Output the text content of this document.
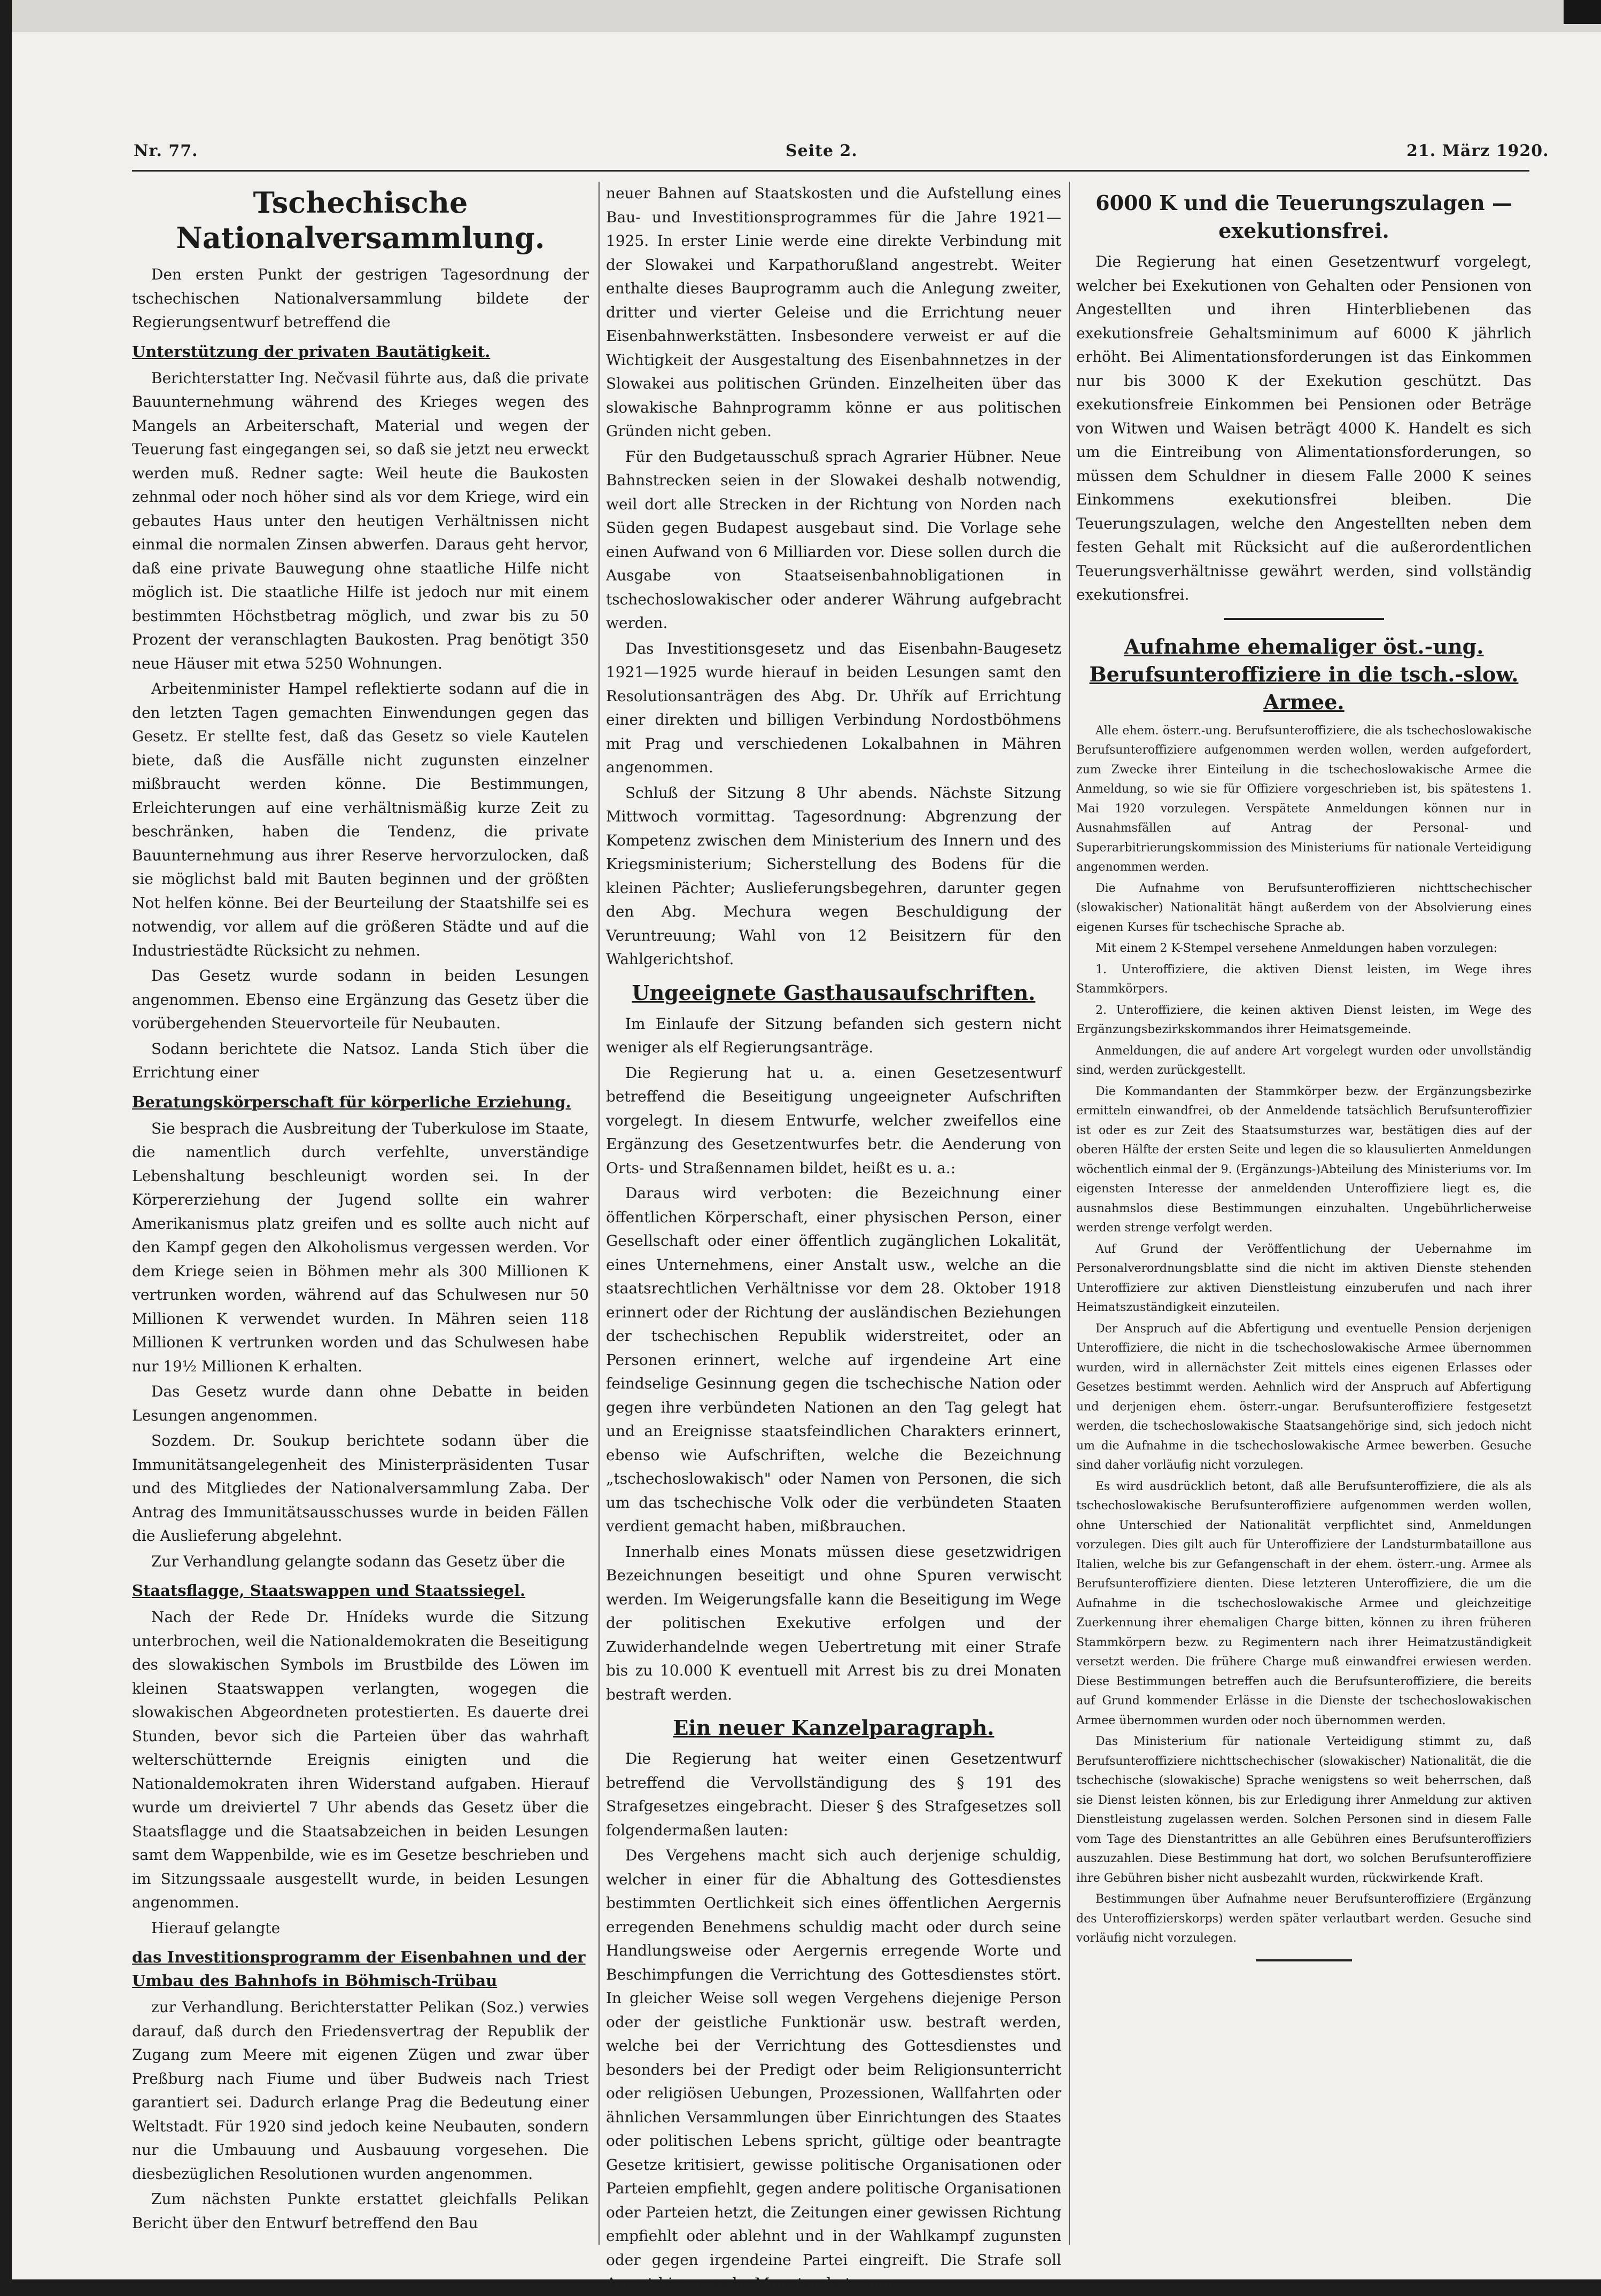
Nr. 77.	Seite 2.	21. März 1920.
Tschechische Nationalversammlung.

Den ersten Punkt der gestrigen Tagesordnung der tschechischen Nationalversammlung bildete der Regierungsentwurf betreffend die

Unterstützung der privaten Bautätigkeit.

Berichterstatter Ing. Nečvasil führte aus, daß die private Bauunternehmung während des Krieges wegen des Mangels an Arbeiterschaft, Material und wegen der Teuerung fast eingegangen sei, so daß sie jetzt neu erweckt werden muß. Redner sagte: Weil heute die Baukosten zehnmal oder noch höher sind als vor dem Kriege, wird ein gebautes Haus unter den heutigen Verhältnissen nicht einmal die normalen Zinsen abwerfen. Daraus geht hervor, daß eine private Bauwegung ohne staatliche Hilfe nicht möglich ist. Die staatliche Hilfe ist jedoch nur mit einem bestimmten Höchstbetrag möglich, und zwar bis zu 50 Prozent der veranschlagten Baukosten. Prag benötigt 350 neue Häuser mit etwa 5250 Wohnungen.

Arbeitenminister Hampel reflektierte sodann auf die in den letzten Tagen gemachten Einwendungen gegen das Gesetz. Er stellte fest, daß das Gesetz so viele Kautelen biete, daß die Ausfälle nicht zugunsten einzelner mißbraucht werden könne. Die Bestimmungen, Erleichterungen auf eine verhältnismäßig kurze Zeit zu beschränken, haben die Tendenz, die private Bauunternehmung aus ihrer Reserve hervorzulocken, daß sie möglichst bald mit Bauten beginnen und der größten Not helfen könne. Bei der Beurteilung der Staatshilfe sei es notwendig, vor allem auf die größeren Städte und auf die Industriestädte Rücksicht zu nehmen.

Das Gesetz wurde sodann in beiden Lesungen angenommen. Ebenso eine Ergänzung das Gesetz über die vorübergehenden Steuervorteile für Neubauten.

Sodann berichtete die Natsoz. Landa Stich über die Errichtung einer

Beratungskörperschaft für körperliche Erziehung.

Sie besprach die Ausbreitung der Tuberkulose im Staate, die namentlich durch verfehlte, unverständige Lebenshaltung beschleunigt worden sei. In der Körpererziehung der Jugend sollte ein wahrer Amerikanismus platz greifen und es sollte auch nicht auf den Kampf gegen den Alkoholismus vergessen werden. Vor dem Kriege seien in Böhmen mehr als 300 Millionen K vertrunken worden, während auf das Schulwesen nur 50 Millionen K verwendet wurden. In Mähren seien 118 Millionen K vertrunken worden und das Schulwesen habe nur 19½ Millionen K erhalten.

Das Gesetz wurde dann ohne Debatte in beiden Lesungen angenommen.

Sozdem. Dr. Soukup berichtete sodann über die Immunitätsangelegenheit des Ministerpräsidenten Tusar und des Mitgliedes der Nationalversammlung Zaba. Der Antrag des Immunitätsausschusses wurde in beiden Fällen die Auslieferung abgelehnt.

Zur Verhandlung gelangte sodann das Gesetz über die

Staatsflagge, Staatswappen und Staatssiegel.

Nach der Rede Dr. Hnídeks wurde die Sitzung unterbrochen, weil die Nationaldemokraten die Beseitigung des slowakischen Symbols im Brustbilde des Löwen im kleinen Staatswappen verlangten, wogegen die slowakischen Abgeordneten protestierten. Es dauerte drei Stunden, bevor sich die Parteien über das wahrhaft welterschütternde Ereignis einigten und die Nationaldemokraten ihren Widerstand aufgaben. Hierauf wurde um dreiviertel 7 Uhr abends das Gesetz über die Staatsflagge und die Staatsabzeichen in beiden Lesungen samt dem Wappenbilde, wie es im Gesetze beschrieben und im Sitzungssaale ausgestellt wurde, in beiden Lesungen angenommen.

Hierauf gelangte

das Investitionsprogramm der Eisenbahnen und der Umbau des Bahnhofs in Böhmisch-Trübau

zur Verhandlung. Berichterstatter Pelikan (Soz.) verwies darauf, daß durch den Friedensvertrag der Republik der Zugang zum Meere mit eigenen Zügen und zwar über Preßburg nach Fiume und über Budweis nach Triest garantiert sei. Dadurch erlange Prag die Bedeutung einer Weltstadt. Für 1920 sind jedoch keine Neubauten, sondern nur die Umbauung und Ausbauung vorgesehen. Die diesbezüglichen Resolutionen wurden angenommen.

Zum nächsten Punkte erstattet gleichfalls Pelikan Bericht über den Entwurf betreffend den Bau

neuer Bahnen auf Staatskosten und die Aufstellung eines Bau- und Investitionsprogrammes für die Jahre 1921—1925. In erster Linie werde eine direkte Verbindung mit der Slowakei und Karpathorußland angestrebt. Weiter enthalte dieses Bauprogramm auch die Anlegung zweiter, dritter und vierter Geleise und die Errichtung neuer Eisenbahnwerkstätten. Insbesondere verweist er auf die Wichtigkeit der Ausgestaltung des Eisenbahnnetzes in der Slowakei aus politischen Gründen. Einzelheiten über das slowakische Bahnprogramm könne er aus politischen Gründen nicht geben.

Für den Budgetausschuß sprach Agrarier Hübner. Neue Bahnstrecken seien in der Slowakei deshalb notwendig, weil dort alle Strecken in der Richtung von Norden nach Süden gegen Budapest ausgebaut sind. Die Vorlage sehe einen Aufwand von 6 Milliarden vor. Diese sollen durch die Ausgabe von Staatseisenbahnobligationen in tschechoslowakischer oder anderer Währung aufgebracht werden.

Das Investitionsgesetz und das Eisenbahn-Baugesetz 1921—1925 wurde hierauf in beiden Lesungen samt den Resolutionsanträgen des Abg. Dr. Uhřík auf Errichtung einer direkten und billigen Verbindung Nordostböhmens mit Prag und verschiedenen Lokalbahnen in Mähren angenommen.

Schluß der Sitzung 8 Uhr abends. Nächste Sitzung Mittwoch vormittag. Tagesordnung: Abgrenzung der Kompetenz zwischen dem Ministerium des Innern und des Kriegsministerium; Sicherstellung des Bodens für die kleinen Pächter; Auslieferungsbegehren, darunter gegen den Abg. Mechura wegen Beschuldigung der Veruntreuung; Wahl von 12 Beisitzern für den Wahlgerichtshof.

Ungeeignete Gasthausaufschriften.

Im Einlaufe der Sitzung befanden sich gestern nicht weniger als elf Regierungsanträge.

Die Regierung hat u. a. einen Gesetzesentwurf betreffend die Beseitigung ungeeigneter Aufschriften vorgelegt. In diesem Entwurfe, welcher zweifellos eine Ergänzung des Gesetzentwurfes betr. die Aenderung von Orts- und Straßennamen bildet, heißt es u. a.:

Daraus wird verboten: die Bezeichnung einer öffentlichen Körperschaft, einer physischen Person, einer Gesellschaft oder einer öffentlich zugänglichen Lokalität, eines Unternehmens, einer Anstalt usw., welche an die staatsrechtlichen Verhältnisse vor dem 28. Oktober 1918 erinnert oder der Richtung der ausländischen Beziehungen der tschechischen Republik widerstreitet, oder an Personen erinnert, welche auf irgendeine Art eine feindselige Gesinnung gegen die tschechische Nation oder gegen ihre verbündeten Nationen an den Tag gelegt hat und an Ereignisse staatsfeindlichen Charakters erinnert, ebenso wie Aufschriften, welche die Bezeichnung „tschechoslowakisch" oder Namen von Personen, die sich um das tschechische Volk oder die verbündeten Staaten verdient gemacht haben, mißbrauchen.

Innerhalb eines Monats müssen diese gesetzwidrigen Bezeichnungen beseitigt und ohne Spuren verwischt werden. Im Weigerungsfalle kann die Beseitigung im Wege der politischen Exekutive erfolgen und der Zuwiderhandelnde wegen Uebertretung mit einer Strafe bis zu 10.000 K eventuell mit Arrest bis zu drei Monaten bestraft werden.

Ein neuer Kanzelparagraph.

Die Regierung hat weiter einen Gesetzentwurf betreffend die Vervollständigung des § 191 des Strafgesetzes eingebracht. Dieser § des Strafgesetzes soll folgendermaßen lauten:

Des Vergehens macht sich auch derjenige schuldig, welcher in einer für die Abhaltung des Gottesdienstes bestimmten Oertlichkeit sich eines öffentlichen Aergernis erregenden Benehmens schuldig macht oder durch seine Handlungsweise oder Aergernis erregende Worte und Beschimpfungen die Verrichtung des Gottesdienstes stört. In gleicher Weise soll wegen Vergehens diejenige Person oder der geistliche Funktionär usw. bestraft werden, welche bei der Verrichtung des Gottesdienstes und besonders bei der Predigt oder beim Religionsunterricht oder religiösen Uebungen, Prozessionen, Wallfahrten oder ähnlichen Versammlungen über Einrichtungen des Staates oder politischen Lebens spricht, gültige oder beantragte Gesetze kritisiert, gewisse politische Organisationen oder Parteien empfiehlt, gegen andere politische Organisationen oder Parteien hetzt, die Zeitungen einer gewissen Richtung empfiehlt oder ablehnt und in der Wahlkampf zugunsten oder gegen irgendeine Partei eingreift. Die Strafe soll Arrest bis zu sechs Monaten betragen.

6000 K und die Teuerungszulagen — exekutionsfrei.

Die Regierung hat einen Gesetzentwurf vorgelegt, welcher bei Exekutionen von Gehalten oder Pensionen von Angestellten und ihren Hinterbliebenen das exekutionsfreie Gehaltsminimum auf 6000 K jährlich erhöht. Bei Alimentationsforderungen ist das Einkommen nur bis 3000 K der Exekution geschützt. Das exekutionsfreie Einkommen bei Pensionen oder Beträge von Witwen und Waisen beträgt 4000 K. Handelt es sich um die Eintreibung von Alimentationsforderungen, so müssen dem Schuldner in diesem Falle 2000 K seines Einkommens exekutionsfrei bleiben. Die Teuerungszulagen, welche den Angestellten neben dem festen Gehalt mit Rücksicht auf die außerordentlichen Teuerungsverhältnisse gewährt werden, sind vollständig exekutionsfrei.

Aufnahme ehemaliger öst.-ung. Berufsunteroffiziere in die tsch.-slow. Armee.

Alle ehem. österr.-ung. Berufsunteroffiziere, die als tschechoslowakische Berufsunteroffiziere aufgenommen werden wollen, werden aufgefordert, zum Zwecke ihrer Einteilung in die tschechoslowakische Armee die Anmeldung, so wie sie für Offiziere vorgeschrieben ist, bis spätestens 1. Mai 1920 vorzulegen. Verspätete Anmeldungen können nur in Ausnahmsfällen auf Antrag der Personal- und Superarbitrierungskommission des Ministeriums für nationale Verteidigung angenommen werden.

Die Aufnahme von Berufsunteroffizieren nichttschechischer (slowakischer) Nationalität hängt außerdem von der Absolvierung eines eigenen Kurses für tschechische Sprache ab.

Mit einem 2 K-Stempel versehene Anmeldungen haben vorzulegen:

1. Unteroffiziere, die aktiven Dienst leisten, im Wege ihres Stammkörpers.

2. Unteroffiziere, die keinen aktiven Dienst leisten, im Wege des Ergänzungsbezirkskommandos ihrer Heimatsgemeinde.

Anmeldungen, die auf andere Art vorgelegt wurden oder unvollständig sind, werden zurückgestellt.

Die Kommandanten der Stammkörper bezw. der Ergänzungsbezirke ermitteln einwandfrei, ob der Anmeldende tatsächlich Berufsunteroffizier ist oder es zur Zeit des Staatsumsturzes war, bestätigen dies auf der oberen Hälfte der ersten Seite und legen die so klausulierten Anmeldungen wöchentlich einmal der 9. (Ergänzungs-)Abteilung des Ministeriums vor. Im eigensten Interesse der anmeldenden Unteroffiziere liegt es, die ausnahmslos diese Bestimmungen einzuhalten. Ungebührlicherweise werden strenge verfolgt werden.

Auf Grund der Veröffentlichung der Uebernahme im Personalverordnungsblatte sind die nicht im aktiven Dienste stehenden Unteroffiziere zur aktiven Dienstleistung einzuberufen und nach ihrer Heimatszuständigkeit einzuteilen.

Der Anspruch auf die Abfertigung und eventuelle Pension derjenigen Unteroffiziere, die nicht in die tschechoslowakische Armee übernommen wurden, wird in allernächster Zeit mittels eines eigenen Erlasses oder Gesetzes bestimmt werden. Aehnlich wird der Anspruch auf Abfertigung und derjenigen ehem. österr.-ungar. Berufsunteroffiziere festgesetzt werden, die tschechoslowakische Staatsangehörige sind, sich jedoch nicht um die Aufnahme in die tschechoslowakische Armee bewerben. Gesuche sind daher vorläufig nicht vorzulegen.

Es wird ausdrücklich betont, daß alle Berufsunteroffiziere, die als als tschechoslowakische Berufsunteroffiziere aufgenommen werden wollen, ohne Unterschied der Nationalität verpflichtet sind, Anmeldungen vorzulegen. Dies gilt auch für Unteroffiziere der Landsturmbataillone aus Italien, welche bis zur Gefangenschaft in der ehem. österr.-ung. Armee als Berufsunteroffiziere dienten. Diese letzteren Unteroffiziere, die um die Aufnahme in die tschechoslowakische Armee und gleichzeitige Zuerkennung ihrer ehemaligen Charge bitten, können zu ihren früheren Stammkörpern bezw. zu Regimentern nach ihrer Heimatzuständigkeit versetzt werden. Die frühere Charge muß einwandfrei erwiesen werden. Diese Bestimmungen betreffen auch die Berufsunteroffiziere, die bereits auf Grund kommender Erlässe in die Dienste der tschechoslowakischen Armee übernommen wurden oder noch übernommen werden.

Das Ministerium für nationale Verteidigung stimmt zu, daß Berufsunteroffiziere nichttschechischer (slowakischer) Nationalität, die die tschechische (slowakische) Sprache wenigstens so weit beherrschen, daß sie Dienst leisten können, bis zur Erledigung ihrer Anmeldung zur aktiven Dienstleistung zugelassen werden. Solchen Personen sind in diesem Falle vom Tage des Dienstantrittes an alle Gebühren eines Berufsunteroffiziers auszuzahlen. Diese Bestimmung hat dort, wo solchen Berufsunteroffiziere ihre Gebühren bisher nicht ausbezahlt wurden, rückwirkende Kraft.

Bestimmungen über Aufnahme neuer Berufsunteroffiziere (Ergänzung des Unteroffizierskorps) werden später verlautbart werden. Gesuche sind vorläufig nicht vorzulegen.
